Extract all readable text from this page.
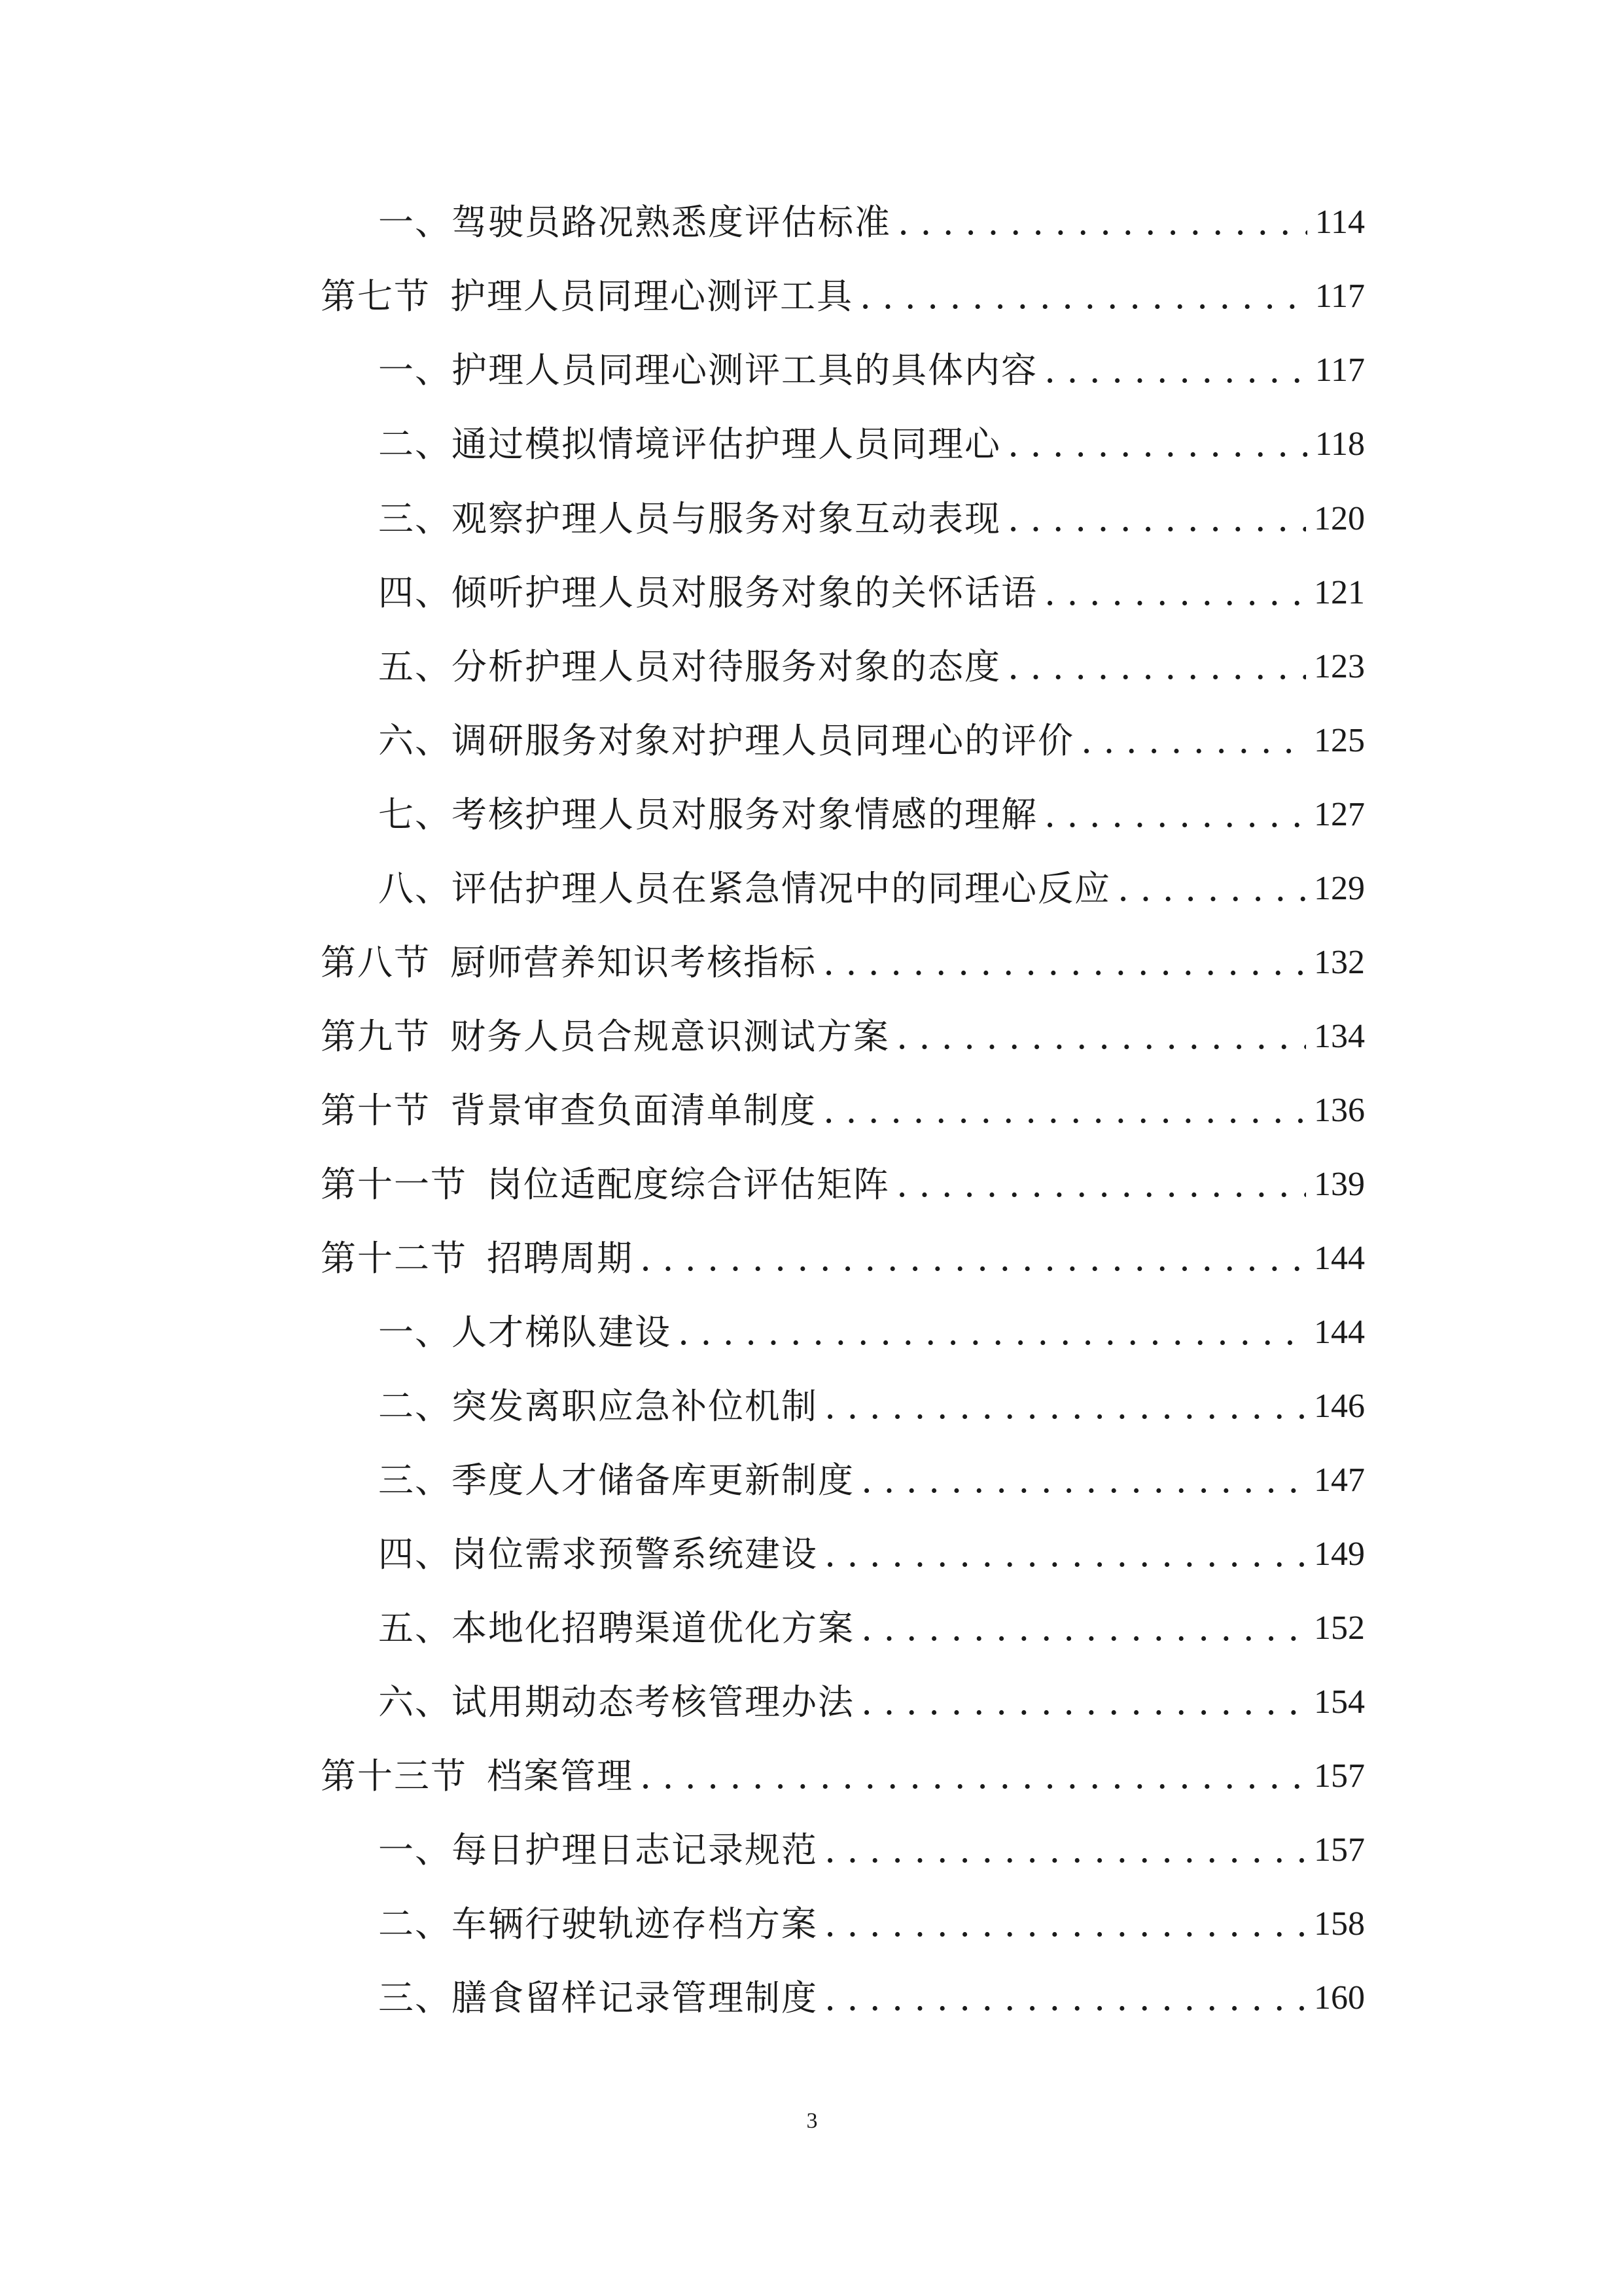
一、驾驶员路况熟悉度评估标准 . . .	114
第七节 护理人员同理心测评工具 . . .	117
一、护理人员同理心测评工具的具体内容 . . .	117
二、通过模拟情境评估护理人员同理心 . . .	118
三、观察护理人员与服务对象互动表现 . . .	120
四、倾听护理人员对服务对象的关怀话语 . . .	121
五、分析护理人员对待服务对象的态度 . . .	123
六、调研服务对象对护理人员同理心的评价 . . .	125
七、考核护理人员对服务对象情感的理解 . . .	127
八、评估护理人员在紧急情况中的同理心反应 . . .	129
第八节 厨师营养知识考核指标 . . .	132
第九节 财务人员合规意识测试方案 . . .	134
第十节 背景审查负面清单制度 . . .	136
第十一节 岗位适配度综合评估矩阵 . . .	139
第十二节 招聘周期 . . .	144
一、人才梯队建设 . . .	144
二、突发离职应急补位机制 . . .	146
三、季度人才储备库更新制度 . . .	147
四、岗位需求预警系统建设 . . .	149
五、本地化招聘渠道优化方案 . . .	152
六、试用期动态考核管理办法 . . .	154
第十三节 档案管理 . . .	157
一、每日护理日志记录规范 . . .	157
二、车辆行驶轨迹存档方案 . . .	158
三、膳食留样记录管理制度 . . .	160
3
